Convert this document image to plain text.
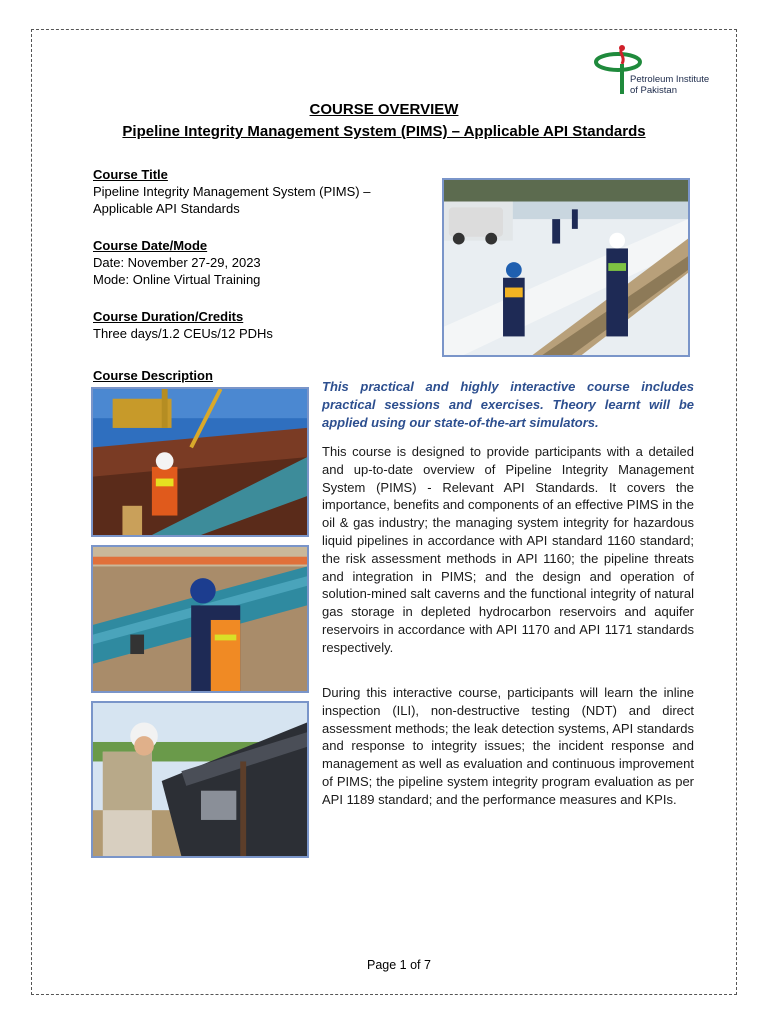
Petroleum Institute
of Pakistan
COURSE OVERVIEW
Pipeline Integrity Management System (PIMS) – Applicable API Standards
Course Title
Pipeline Integrity Management System (PIMS) –
Applicable API Standards
Course Date/Mode
Date: November 27-29, 2023
Mode: Online Virtual Training
Course Duration/Credits
Three days/1.2 CEUs/12 PDHs
Course Description
This practical and highly interactive course includes practical sessions and exercises. Theory learnt will be applied using our state-of-the-art simulators.
This course is designed to provide participants with a detailed and up-to-date overview of Pipeline Integrity Management System (PIMS) - Relevant API Standards. It covers the importance, benefits and components of an effective PIMS in the oil & gas industry; the managing system integrity for hazardous liquid pipelines in accordance with API standard 1160 standard; the risk assessment methods in API 1160; the pipeline threats and integration in PIMS; and the design and operation of solution-mined salt caverns and the functional integrity of natural gas storage in depleted hydrocarbon reservoirs and aquifer reservoirs in accordance with API 1170 and API 1171 standards respectively.
During this interactive course, participants will learn the inline inspection (ILI), non-destructive testing (NDT) and direct assessment methods; the leak detection systems, API standards and response to integrity issues; the incident response and management as well as evaluation and continuous improvement of PIMS; the pipeline system integrity program evaluation as per API 1189 standard; and the performance measures and KPIs.
Page 1 of 7
